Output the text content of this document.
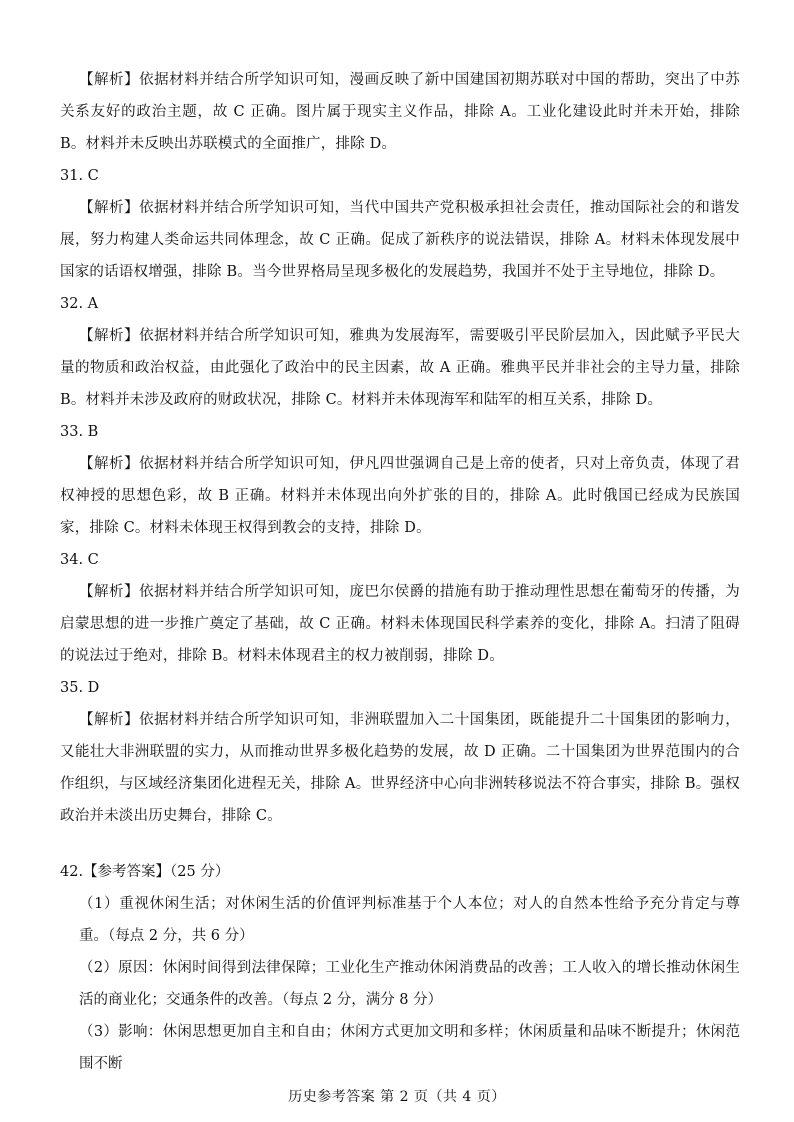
【解析】依据材料并结合所学知识可知，漫画反映了新中国建国初期苏联对中国的帮助，突出了中苏关系友好的政治主题，故 C 正确。图片属于现实主义作品，排除 A。工业化建设此时并未开始，排除 B。材料并未反映出苏联模式的全面推广，排除 D。

31. C

【解析】依据材料并结合所学知识可知，当代中国共产党积极承担社会责任，推动国际社会的和谐发展，努力构建人类命运共同体理念，故 C 正确。促成了新秩序的说法错误，排除 A。材料未体现发展中国家的话语权增强，排除 B。当今世界格局呈现多极化的发展趋势，我国并不处于主导地位，排除 D。

32. A

【解析】依据材料并结合所学知识可知，雅典为发展海军，需要吸引平民阶层加入，因此赋予平民大量的物质和政治权益，由此强化了政治中的民主因素，故 A 正确。雅典平民并非社会的主导力量，排除 B。材料并未涉及政府的财政状况，排除 C。材料并未体现海军和陆军的相互关系，排除 D。

33. B

【解析】依据材料并结合所学知识可知，伊凡四世强调自己是上帝的使者，只对上帝负责，体现了君权神授的思想色彩，故 B 正确。材料并未体现出向外扩张的目的，排除 A。此时俄国已经成为民族国家，排除 C。材料未体现王权得到教会的支持，排除 D。

34. C

【解析】依据材料并结合所学知识可知，庞巴尔侯爵的措施有助于推动理性思想在葡萄牙的传播，为启蒙思想的进一步推广奠定了基础，故 C 正确。材料未体现国民科学素养的变化，排除 A。扫清了阻碍的说法过于绝对，排除 B。材料未体现君主的权力被削弱，排除 D。

35. D

【解析】依据材料并结合所学知识可知，非洲联盟加入二十国集团，既能提升二十国集团的影响力，又能壮大非洲联盟的实力，从而推动世界多极化趋势的发展，故 D 正确。二十国集团为世界范围内的合作组织，与区域经济集团化进程无关，排除 A。世界经济中心向非洲转移说法不符合事实，排除 B。强权政治并未淡出历史舞台，排除 C。

42.【参考答案】（25 分）

（1）重视休闲生活；对休闲生活的价值评判标准基于个人本位；对人的自然本性给予充分肯定与尊重。（每点 2 分，共 6 分）

（2）原因：休闲时间得到法律保障；工业化生产推动休闲消费品的改善；工人收入的增长推动休闲生活的商业化；交通条件的改善。（每点 2 分，满分 8 分）

（3）影响：休闲思想更加自主和自由；休闲方式更加文明和多样；休闲质量和品味不断提升；休闲范围不断

历史参考答案 第 2 页（共 4 页）
